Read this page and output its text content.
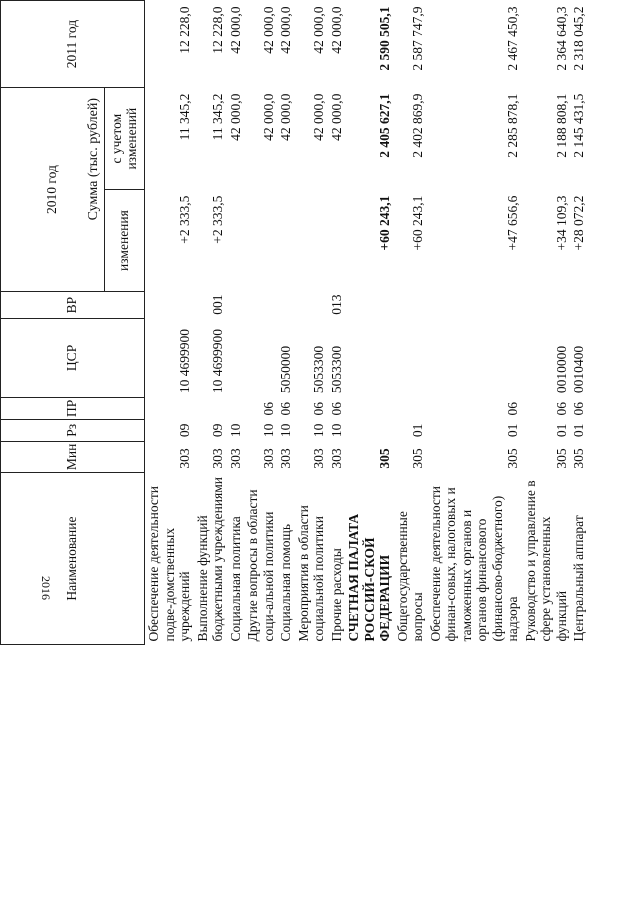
Сумма (тыс. рублей)
Наименование	Мин	Рз	ПР	ЦСР	ВР	2010 год		2011 год
						изменения	с учетом изменений	
Обеспечение деятельности подве-домственных учреждений	303	09		10 4699900		+2 333,5	11 345,2	12 228,0
Выполнение функций бюджетными учреждениями	303	09		10 4699900	001	+2 333,5	11 345,2	12 228,0
Социальная политика	303	10					42 000,0	42 000,0
Другие вопросы в области соци-альной политики	303	10	06				42 000,0	42 000,0
Социальная помощь	303	10	06	5050000			42 000,0	42 000,0
Мероприятия в области социальной политики	303	10	06	5053300			42 000,0	42 000,0
Прочие расходы	303	10	06	5053300	013		42 000,0	42 000,0
СЧЕТНАЯ ПАЛАТА РОССИЙ-СКОЙ ФЕДЕРАЦИИ	305					+60 243,1	2 405 627,1	2 590 505,1
Общегосударственные вопросы	305	01				+60 243,1	2 402 869,9	2 587 747,9
Обеспечение деятельности финан-совых, налоговых и таможенных органов и органов финансового (финансово-бюджетного) надзора	305	01	06			+47 656,6	2 285 878,1	2 467 450,3
Руководство и управление в сфере установленных функций	305	01	06	0010000		+34 109,3	2 188 808,1	2 364 640,3
Центральный аппарат	305	01	06	0010400		+28 072,2	2 145 431,5	2 318 045,2
2016
